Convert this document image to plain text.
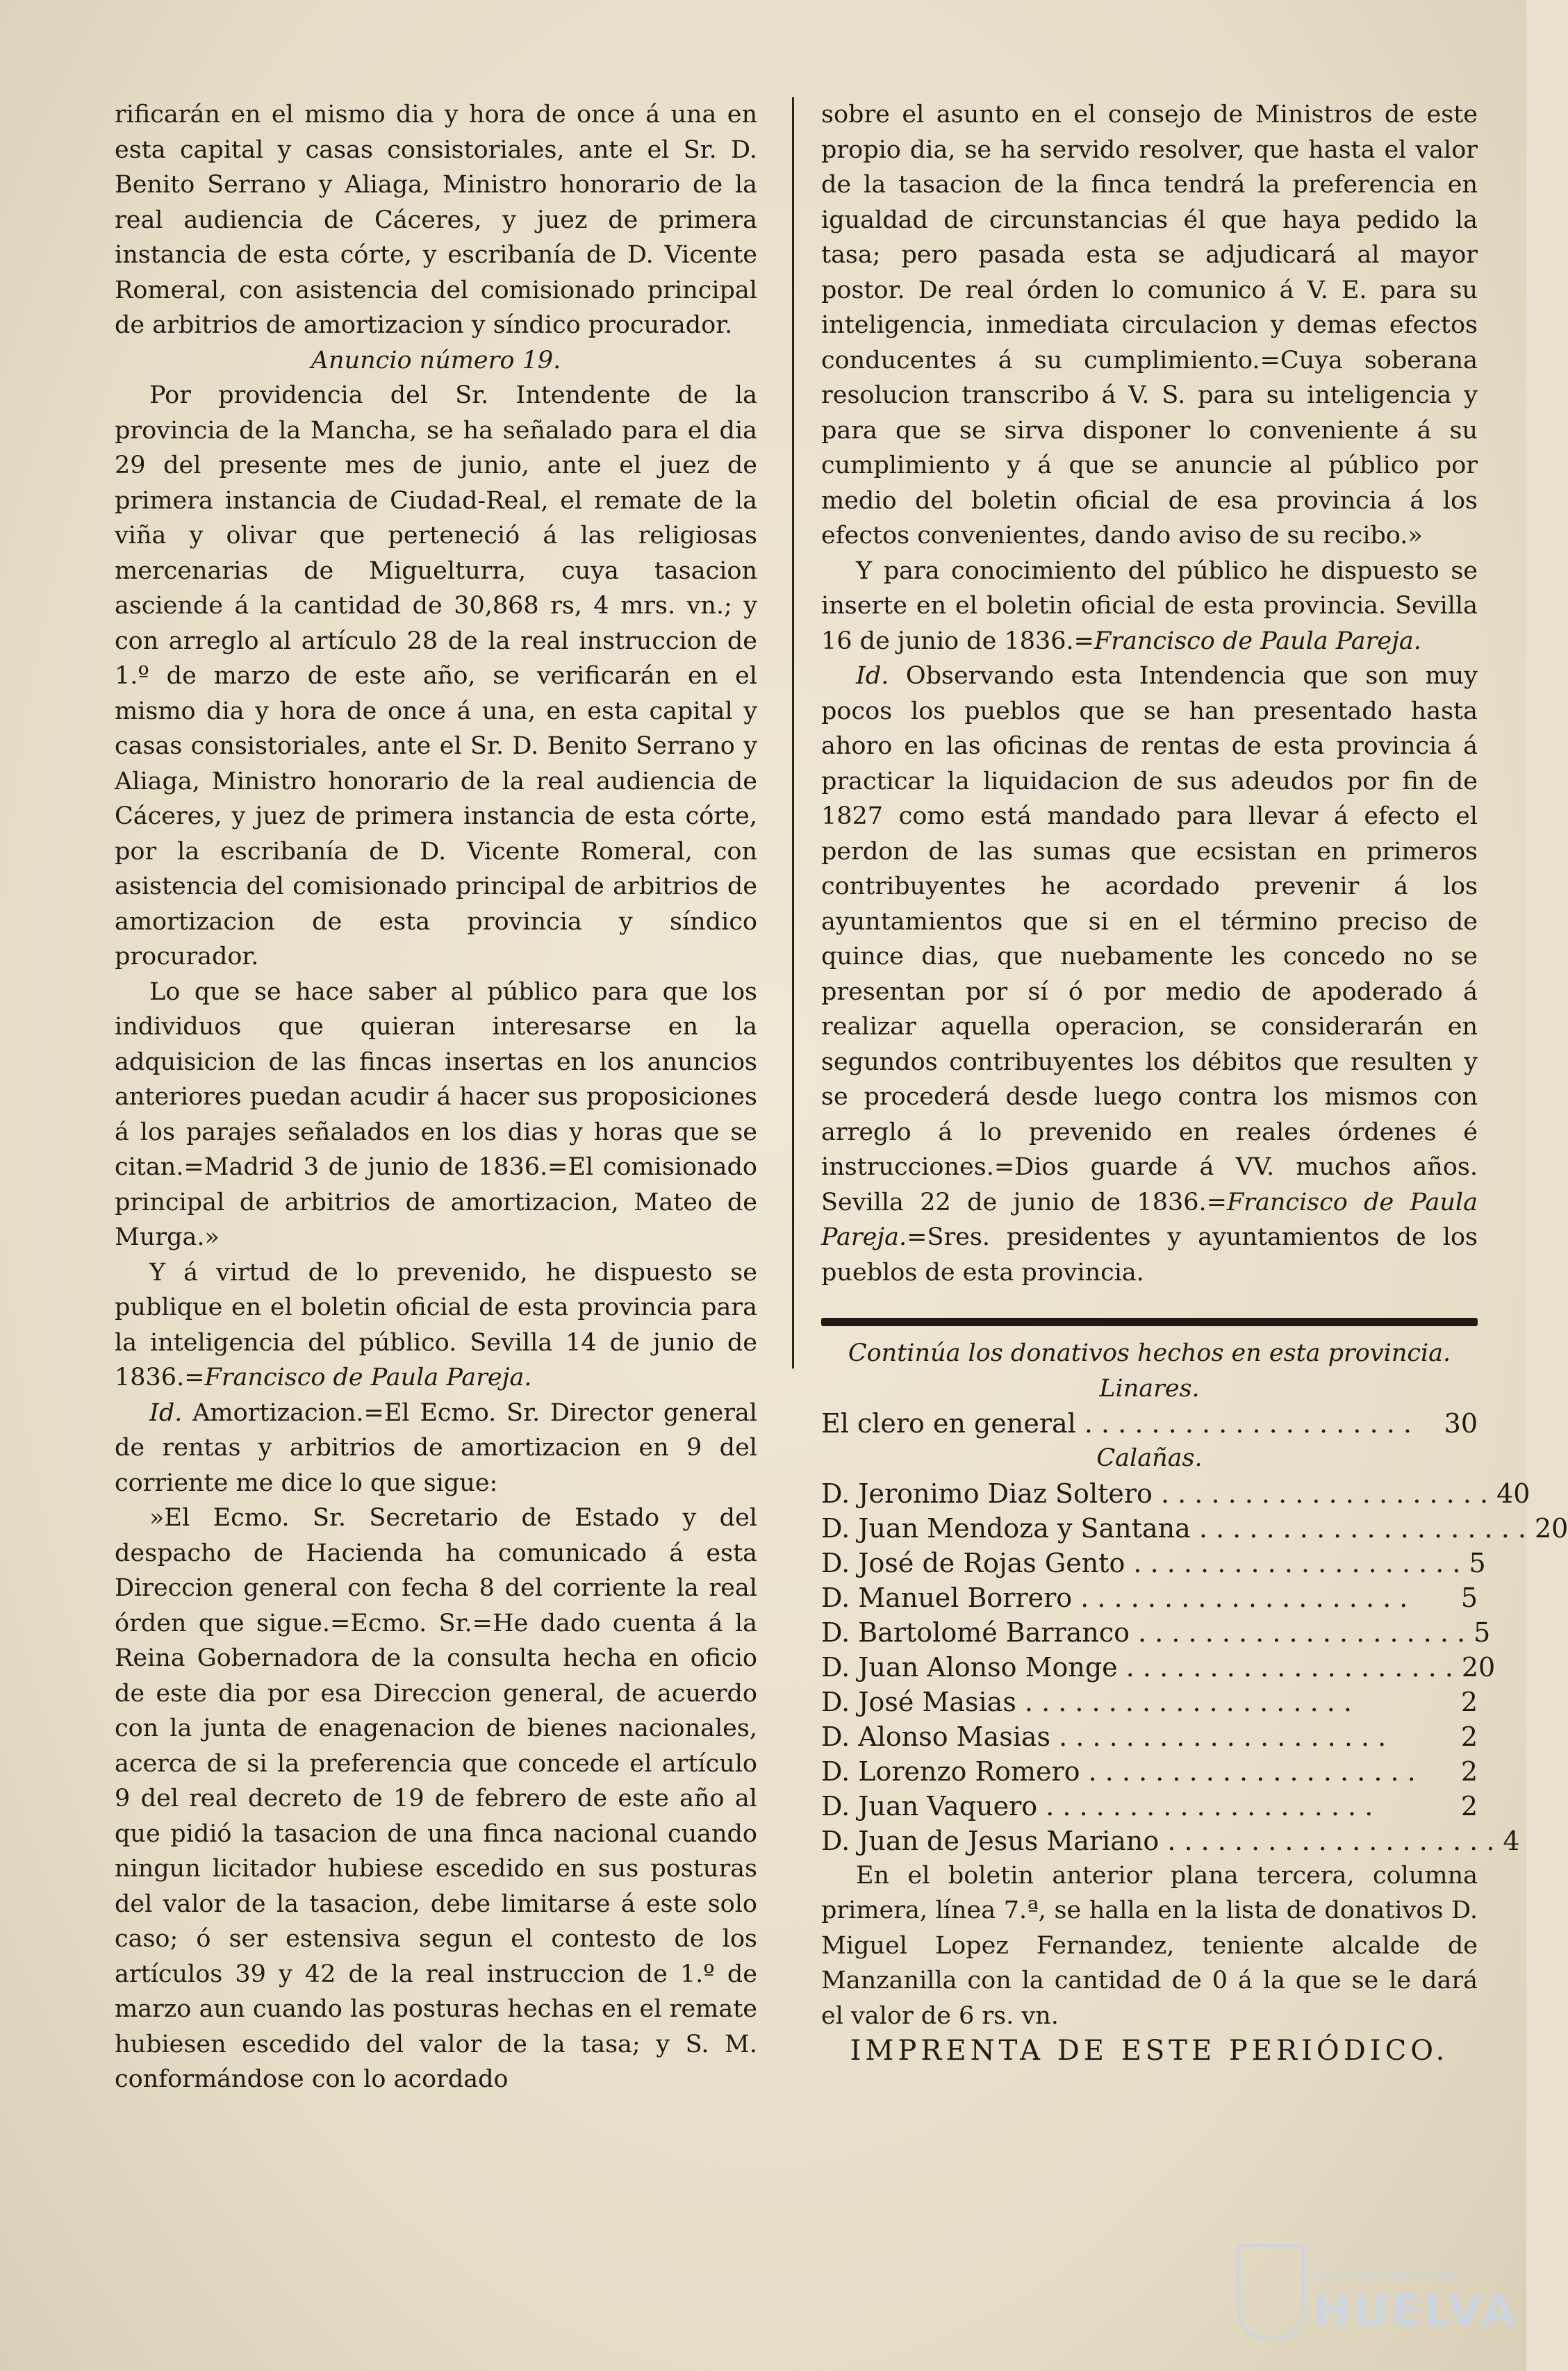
rificarán en el mismo dia y hora de once á una en esta capital y casas consistoriales, ante el Sr. D. Benito Serrano y Aliaga, Ministro honorario de la real audiencia de Cáceres, y juez de primera instancia de esta córte, y escribanía de D. Vicente Romeral, con asistencia del comisionado principal de arbitrios de amortizacion y síndico procurador.

Anuncio número 19.

Por providencia del Sr. Intendente de la provincia de la Mancha, se ha señalado para el dia 29 del presente mes de junio, ante el juez de primera instancia de Ciudad-Real, el remate de la viña y olivar que perteneció á las religiosas mercenarias de Miguelturra, cuya tasacion asciende á la cantidad de 30,868 rs, 4 mrs. vn.; y con arreglo al artículo 28 de la real instruccion de 1.º de marzo de este año, se verificarán en el mismo dia y hora de once á una, en esta capital y casas consistoriales, ante el Sr. D. Benito Serrano y Aliaga, Ministro honorario de la real audiencia de Cáceres, y juez de primera instancia de esta córte, por la escribanía de D. Vicente Romeral, con asistencia del comisionado principal de arbitrios de amortizacion de esta provincia y síndico procurador.

Lo que se hace saber al público para que los individuos que quieran interesarse en la adquisicion de las fincas insertas en los anuncios anteriores puedan acudir á hacer sus proposiciones á los parajes señalados en los dias y horas que se citan.=Madrid 3 de junio de 1836.=El comisionado principal de arbitrios de amortizacion, Mateo de Murga.»

Y á virtud de lo prevenido, he dispuesto se publique en el boletin oficial de esta provincia para la inteligencia del público. Sevilla 14 de junio de 1836.=Francisco de Paula Pareja.

Id. Amortizacion.=El Ecmo. Sr. Director general de rentas y arbitrios de amortizacion en 9 del corriente me dice lo que sigue:

»El Ecmo. Sr. Secretario de Estado y del despacho de Hacienda ha comunicado á esta Direccion general con fecha 8 del corriente la real órden que sigue.=Ecmo. Sr.=He dado cuenta á la Reina Gobernadora de la consulta hecha en oficio de este dia por esa Direccion general, de acuerdo con la junta de enagenacion de bienes nacionales, acerca de si la preferencia que concede el artículo 9 del real decreto de 19 de febrero de este año al que pidió la tasacion de una finca nacional cuando ningun licitador hubiese escedido en sus posturas del valor de la tasacion, debe limitarse á este solo caso; ó ser estensiva segun el contesto de los artículos 39 y 42 de la real instruccion de 1.º de marzo aun cuando las posturas hechas en el remate hubiesen escedido del valor de la tasa; y S. M. conformándose con lo acordado

sobre el asunto en el consejo de Ministros de este propio dia, se ha servido resolver, que hasta el valor de la tasacion de la finca tendrá la preferencia en igualdad de circunstancias él que haya pedido la tasa; pero pasada esta se adjudicará al mayor postor. De real órden lo comunico á V. E. para su inteligencia, inmediata circulacion y demas efectos conducentes á su cumplimiento.=Cuya soberana resolucion transcribo á V. S. para su inteligencia y para que se sirva disponer lo conveniente á su cumplimiento y á que se anuncie al público por medio del boletin oficial de esa provincia á los efectos convenientes, dando aviso de su recibo.»

Y para conocimiento del público he dispuesto se inserte en el boletin oficial de esta provincia. Sevilla 16 de junio de 1836.=Francisco de Paula Pareja.

Id. Observando esta Intendencia que son muy pocos los pueblos que se han presentado hasta ahoro en las oficinas de rentas de esta provincia á practicar la liquidacion de sus adeudos por fin de 1827 como está mandado para llevar á efecto el perdon de las sumas que ecsistan en primeros contribuyentes he acordado prevenir á los ayuntamientos que si en el término preciso de quince dias, que nuebamente les concedo no se presentan por sí ó por medio de apoderado á realizar aquella operacion, se considerarán en segundos contribuyentes los débitos que resulten y se procederá desde luego contra los mismos con arreglo á lo prevenido en reales órdenes é instrucciones.=Dios guarde á VV. muchos años. Sevilla 22 de junio de 1836.=Francisco de Paula Pareja.=Sres. presidentes y ayuntamientos de los pueblos de esta provincia.

Continúa los donativos hechos en esta provincia.

Linares.

El clero en general . . . . . . . . . . . . . . . . . . . .	30

Calañas.

D. Jeronimo Diaz Soltero . . . . . . . . . . . . . . . . . . . . 40
D. Juan Mendoza y Santana . . . . . . . . . . . . . . . . . . . . 20
D. José de Rojas Gento . . . . . . . . . . . . . . . . . . . . 5
D. Manuel Borrero . . . . . . . . . . . . . . . . . . . .	5
D. Bartolomé Barranco . . . . . . . . . . . . . . . . . . . . 5
D. Juan Alonso Monge . . . . . . . . . . . . . . . . . . . . 20
D. José Masias . . . . . . . . . . . . . . . . . . . .	2
D. Alonso Masias . . . . . . . . . . . . . . . . . . . .	2
D. Lorenzo Romero . . . . . . . . . . . . . . . . . . . .	2
D. Juan Vaquero . . . . . . . . . . . . . . . . . . . .	2
D. Juan de Jesus Mariano . . . . . . . . . . . . . . . . . . . . 4

En el boletin anterior plana tercera, columna primera, línea 7.ª, se halla en la lista de donativos D. Miguel Lopez Fernandez, teniente alcalde de Manzanilla con la cantidad de 0 á la que se le dará el valor de 6 rs. vn.

IMPRENTA DE ESTE PERIÓDICO.

Ayuntamiento de
HUELVA
